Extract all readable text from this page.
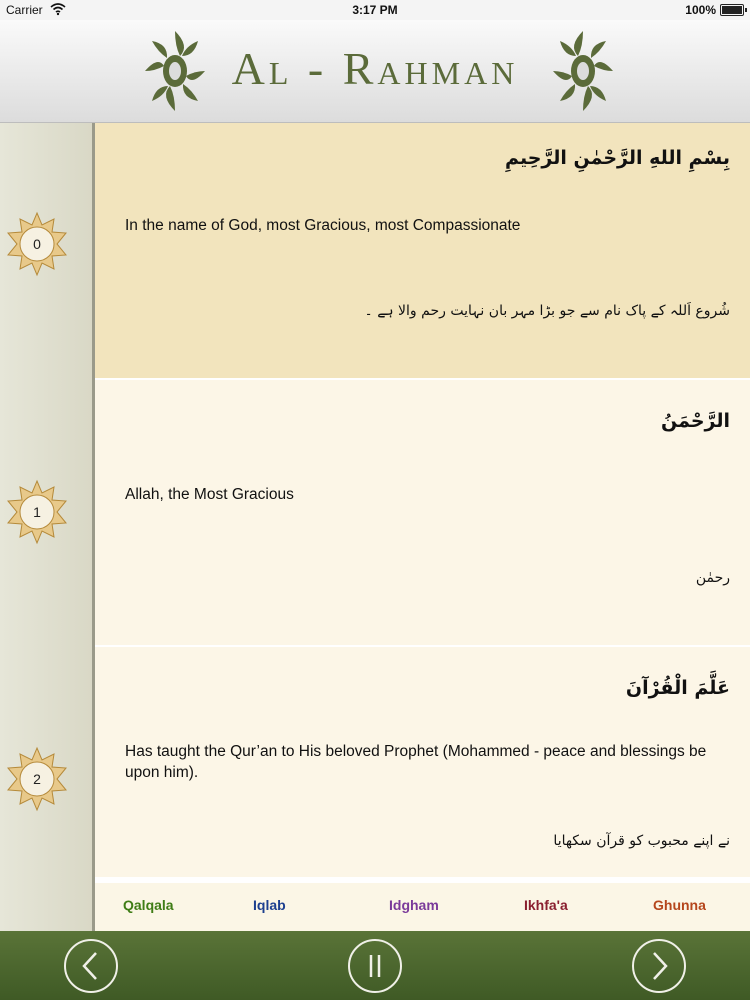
Carrier	3:17 PM	100%
Al - Rahman
بِسْمِ اللهِ الرَّحْمٰنِ الرَّحِيمِ
In the name of God, most Gracious, most Compassionate
شُروع اَللہ کے پاک نام سے جو بڑا مہر بان نہایت رحم والا ہے ۔
الرَّحْمَنُ
Allah, the Most Gracious
رحمٰن
عَلَّمَ الْقُرْآنَ
Has taught the Qur’an to His beloved Prophet (Mohammed - peace and blessings be upon him).
نے اپنے محبوب کو قرآن سکھایا
0
1
2
Qalqala	Iqlab	Idgham	Ikhfa'a	Ghunna
